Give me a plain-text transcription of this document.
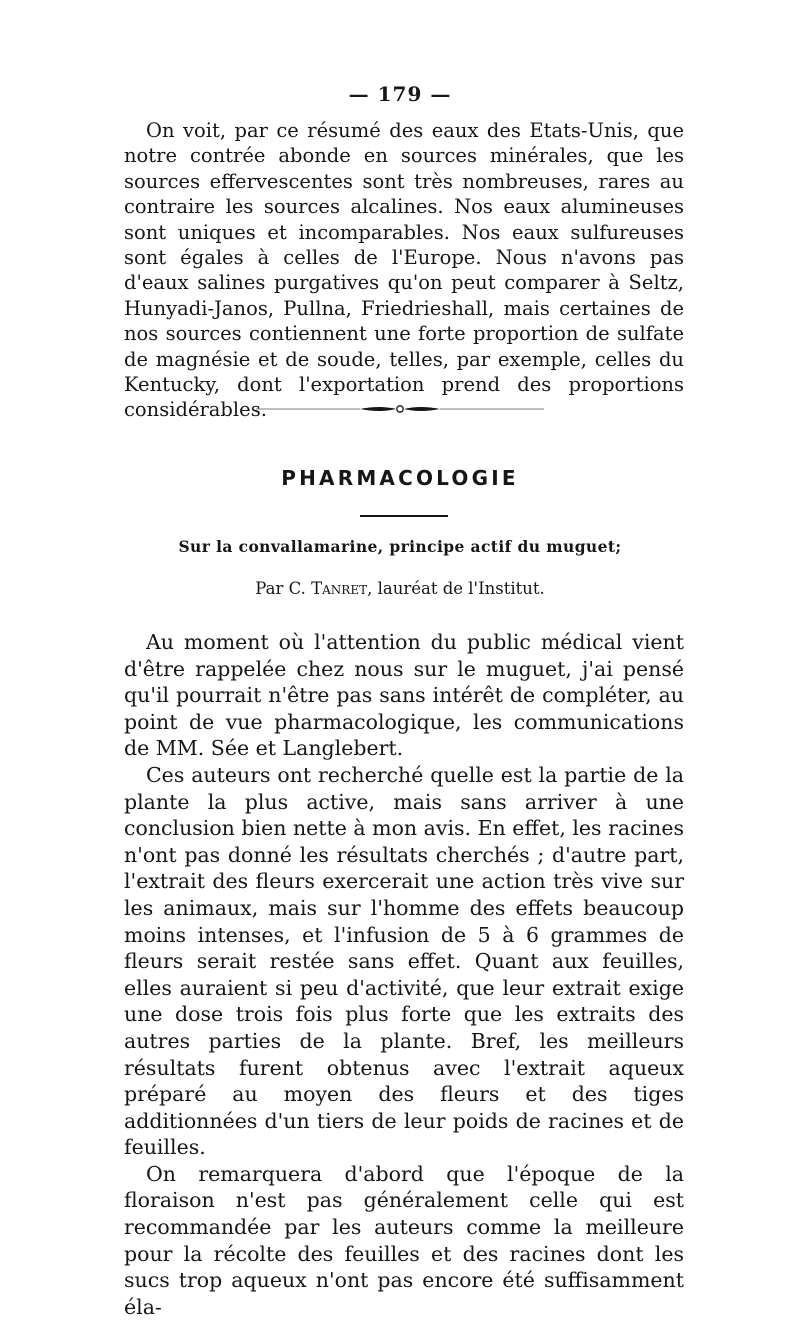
— 179 —

On voit, par ce résumé des eaux des Etats-Unis, que notre contrée abonde en sources minérales, que les sources effervescentes sont très nombreuses, rares au contraire les sources alcalines. Nos eaux alumineuses sont uniques et incomparables. Nos eaux sulfureuses sont égales à celles de l'Europe. Nous n'avons pas d'eaux salines purgatives qu'on peut comparer à Seltz, Hunyadi-Janos, Pullna, Friedrieshall, mais certaines de nos sources contiennent une forte proportion de sulfate de magnésie et de soude, telles, par exemple, celles du Kentucky, dont l'exportation prend des proportions considérables.

PHARMACOLOGIE
Sur la convallamarine, principe actif du muguet;
Par C. Tanret, lauréat de l'Institut.

Au moment où l'attention du public médical vient d'être rappelée chez nous sur le muguet, j'ai pensé qu'il pourrait n'être pas sans intérêt de compléter, au point de vue pharmacologique, les communications de MM. Sée et Langlebert.

Ces auteurs ont recherché quelle est la partie de la plante la plus active, mais sans arriver à une conclusion bien nette à mon avis. En effet, les racines n'ont pas donné les résultats cherchés ; d'autre part, l'extrait des fleurs exercerait une action très vive sur les animaux, mais sur l'homme des effets beaucoup moins intenses, et l'infusion de 5 à 6 grammes de fleurs serait restée sans effet. Quant aux feuilles, elles auraient si peu d'activité, que leur extrait exige une dose trois fois plus forte que les extraits des autres parties de la plante. Bref, les meilleurs résultats furent obtenus avec l'extrait aqueux préparé au moyen des fleurs et des tiges additionnées d'un tiers de leur poids de racines et de feuilles.

On remarquera d'abord que l'époque de la floraison n'est pas généralement celle qui est recommandée par les auteurs comme la meilleure pour la récolte des feuilles et des racines dont les sucs trop aqueux n'ont pas encore été suffisamment éla-
